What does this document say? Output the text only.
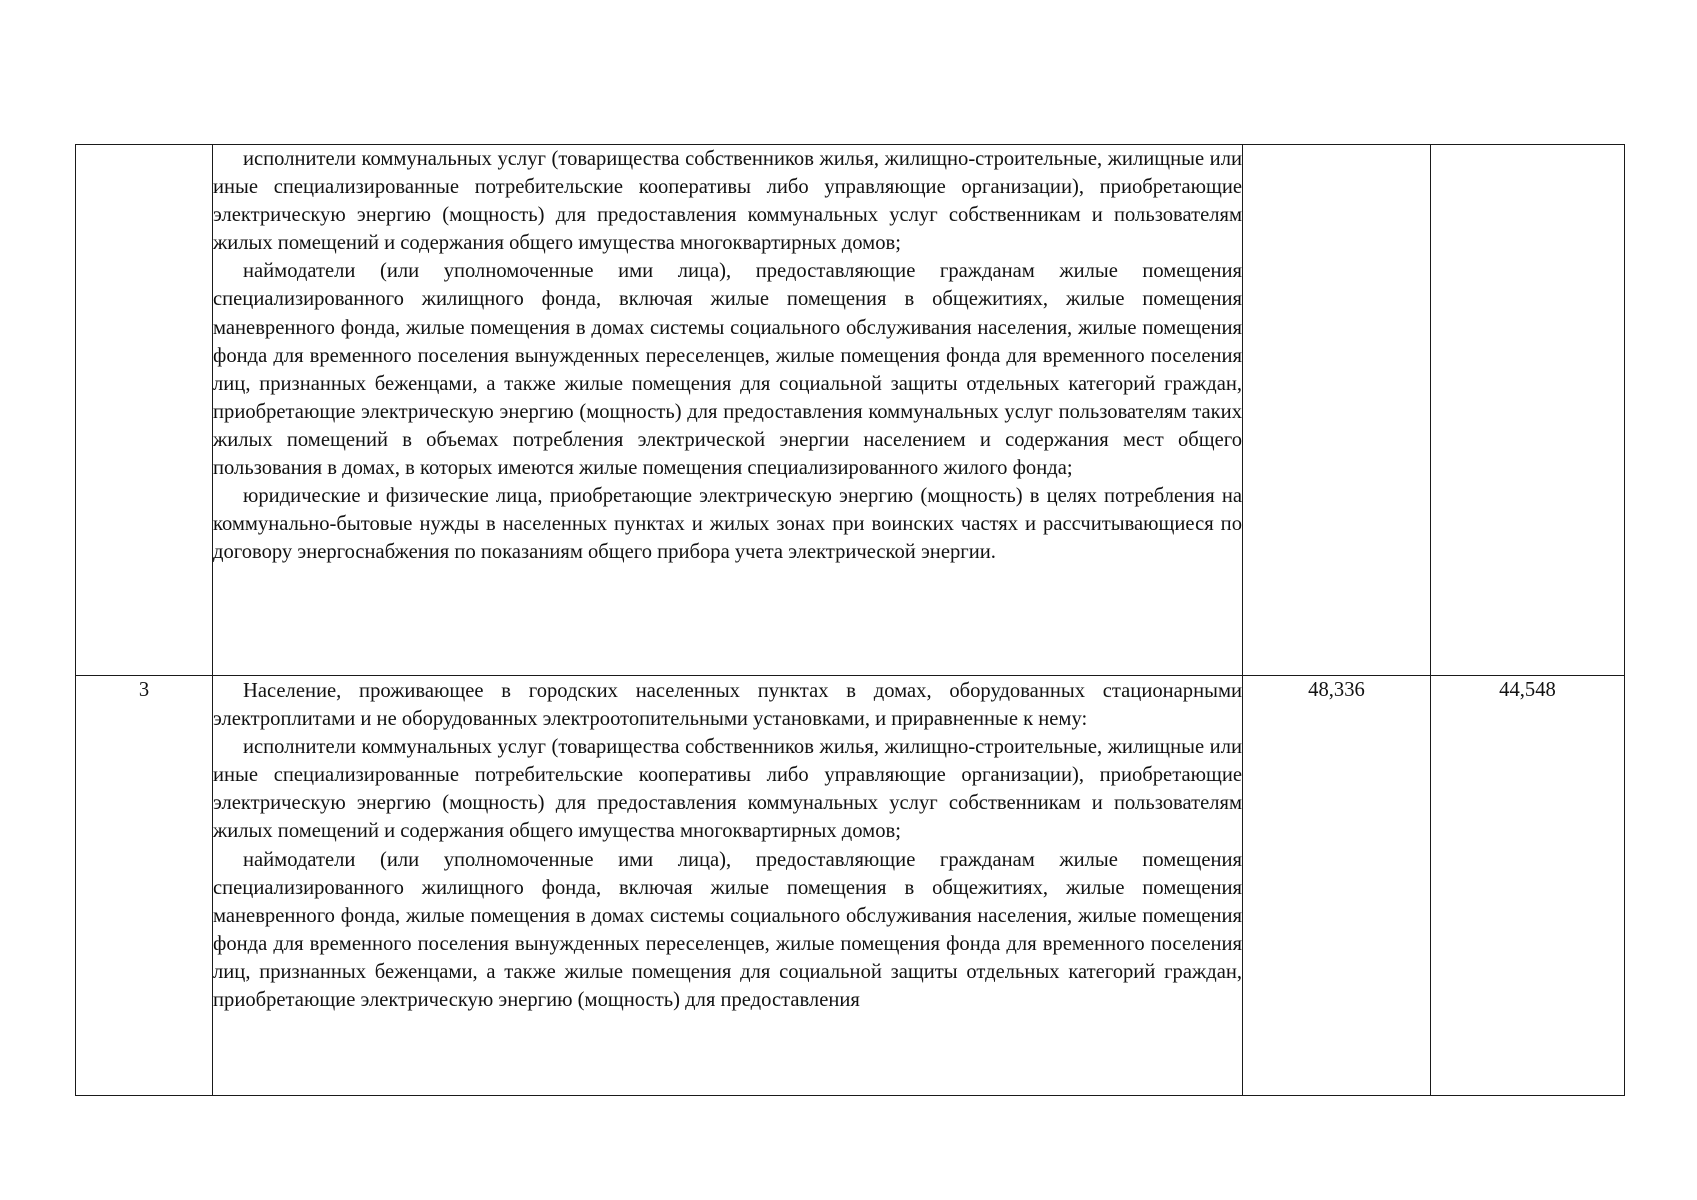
	исполнители коммунальных услуг (товарищества собственников жилья, жилищно-строительные, жилищные или иные специализированные потребительские кооперативы либо управляющие организации), приобретающие электрическую энергию (мощность) для предоставления коммунальных услуг собственникам и пользователям жилых помещений и содержания общего имущества многоквартирных домов;

наймодатели (или уполномоченные ими лица), предоставляющие гражданам жилые помещения специализированного жилищного фонда, включая жилые помещения в общежитиях, жилые помещения маневренного фонда, жилые помещения в домах системы социального обслуживания населения, жилые помещения фонда для временного поселения вынужденных переселенцев, жилые помещения фонда для временного поселения лиц, признанных беженцами, а также жилые помещения для социальной защиты отдельных категорий граждан, приобретающие электрическую энергию (мощность) для предоставления коммунальных услуг пользователям таких жилых помещений в объемах потребления электрической энергии населением и содержания мест общего пользования в домах, в которых имеются жилые помещения специализированного жилого фонда;

юридические и физические лица, приобретающие электрическую энергию (мощность) в целях потребления на коммунально-бытовые нужды в населенных пунктах и жилых зонах при воинских частях и рассчитывающиеся по договору энергоснабжения по показаниям общего прибора учета электрической энергии.		

3	Население, проживающее в городских населенных пунктах в домах, оборудованных стационарными электроплитами и не оборудованных электроотопительными установками, и приравненные к нему:

исполнители коммунальных услуг (товарищества собственников жилья, жилищно-строительные, жилищные или иные специализированные потребительские кооперативы либо управляющие организации), приобретающие электрическую энергию (мощность) для предоставления коммунальных услуг собственникам и пользователям жилых помещений и содержания общего имущества многоквартирных домов;

наймодатели (или уполномоченные ими лица), предоставляющие гражданам жилые помещения специализированного жилищного фонда, включая жилые помещения в общежитиях, жилые помещения маневренного фонда, жилые помещения в домах системы социального обслуживания населения, жилые помещения фонда для временного поселения вынужденных переселенцев, жилые помещения фонда для временного поселения лиц, признанных беженцами, а также жилые помещения для социальной защиты отдельных категорий граждан, приобретающие электрическую энергию (мощность) для предоставления	48,336	44,548
